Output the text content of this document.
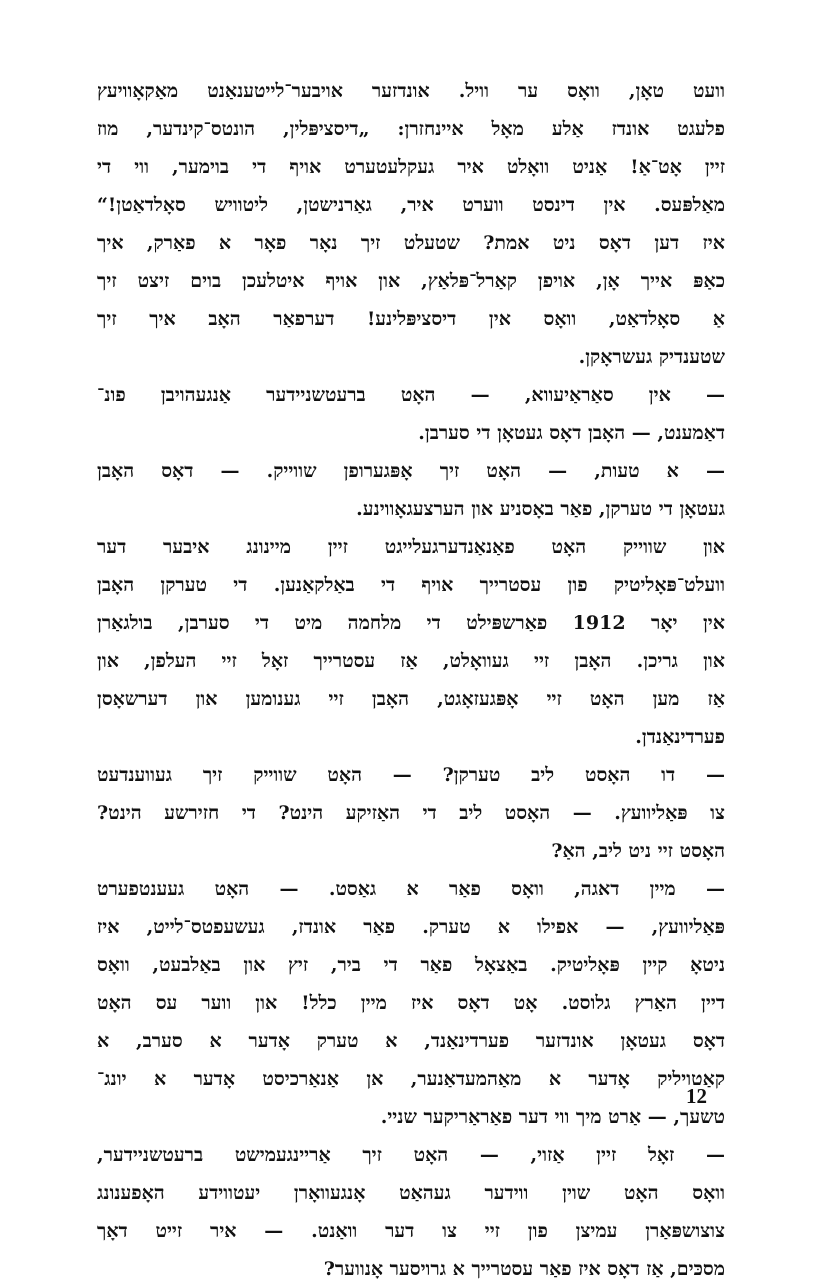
וועט טאָן, וואָס ער וויל. אונדזער אויבער־לייטענאַנט מאַקאָוויעץ
פלעגט אונדז אַלע מאָל איינחזרן: „דיסציפּלין, הונטס־קינדער, מוז
זיין אָט־אַ! אַניט וואָלט איר געקלעטערט אויף די בוימער, ווי די
מאַלפּעס. אין דינסט ווערט איר, גאַרנישטן, ליטוויש סאָלדאַטן!“
איז דען דאָס ניט אמת? שטעלט זיך נאָר פאָר א פאַרק, איך
כאַפּ אייך אָן, אויפן קאַרל־פּלאַץ, און אויף איטלעכן בוים זיצט זיך
אַ סאָלדאַט, וואָס אין דיסציפּלינע! דערפאַר האָב איך זיך
שטענדיק געשראָקן.
— אין סאַראַיעווא, — האָט ברעטשניידער אַנגעהויבן פונ־
דאַמענט, — האָבן דאָס געטאָן די סערבן.
— א טעות, — האָט זיך אָפּגערופן שווייק. — דאָס האָבן
געטאָן די טערקן, פאַר באָסניע און הערצעגאָווינע.
און שווייק האָט פאַנאַנדערגעלייגט זיין מיינונג איבער דער
וועלט־פּאָליטיק פון עסטרייך אויף די באַלקאַנען. די טערקן האָבן
אין יאָר 1912 פאַרשפּילט די מלחמה מיט די סערבן, בולגאַרן
און גריכן. האָבן זיי געוואָלט, אַז עסטרייך זאָל זיי העלפן, און
אַז מען האָט זיי אָפּגעזאָגט, האָבן זיי גענומען און דערשאָסן
פערדינאַנדן.
— דו האָסט ליב טערקן? — האָט שווייק זיך געווענדעט
צו פּאַליוועץ. — האָסט ליב די האַזיקע הינט? די חזירשע הינט?
האָסט זיי ניט ליב, האַ?
— מיין דאגה, וואָס פאַר א גאַסט. — האָט געענטפערט
פּאַליוועץ, — אפילו א טערק. פאַר אונדז, געשעפטס־לייט, איז
ניטאָ קיין פּאָליטיק. באַצאָל פאַר די ביר, זיץ און באַלבעט, וואָס
דיין האַרץ גלוסט. אָט דאָס איז מיין כלל! און ווער עס האָט
דאָס געטאָן אונדזער פערדינאַנד, א טערק אָדער א סערב, א
קאַטויליק אָדער א מאַהמעדאַנער, אן אַנאַרכיסט אָדער א יונג־
טשעך, — אַרט מיך ווי דער פאַראַריקער שניי.
— זאָל זיין אַזוי, — האָט זיך אַריינגעמישט ברעטשניידער,
וואָס האָט שוין ווידער געהאַט אָנגעוואָרן יעטווידע האָפענונג
צוצושפּאַרן עמיצן פון זיי צו דער וואַנט. — איר זייט דאָך
מסכּים, אַז דאָס איז פאַר עסטרייך א גרויסער אָנווער?
12
